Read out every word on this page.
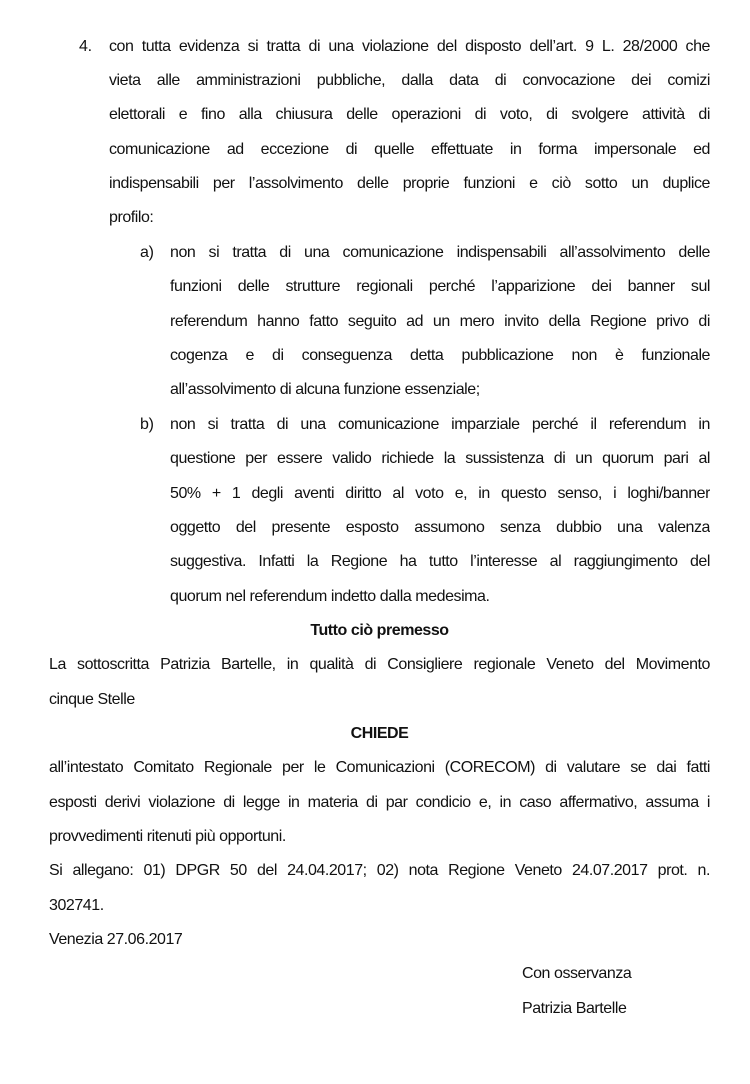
4. con tutta evidenza si tratta di una violazione del disposto dell’art. 9 L. 28/2000 che
vieta alle amministrazioni pubbliche, dalla data di convocazione dei comizi
elettorali e fino alla chiusura delle operazioni di voto, di svolgere attività di
comunicazione ad eccezione di quelle effettuate in forma impersonale ed
indispensabili per l’assolvimento delle proprie funzioni e ciò sotto un duplice
profilo:
a) non si tratta di una comunicazione indispensabili all’assolvimento delle
funzioni delle strutture regionali perché l’apparizione dei banner sul
referendum hanno fatto seguito ad un mero invito della Regione privo di
cogenza e di conseguenza detta pubblicazione non è funzionale
all’assolvimento di alcuna funzione essenziale;
b) non si tratta di una comunicazione imparziale perché il referendum in
questione per essere valido richiede la sussistenza di un quorum pari al
50% + 1 degli aventi diritto al voto e, in questo senso, i loghi/banner
oggetto del presente esposto assumono senza dubbio una valenza
suggestiva. Infatti la Regione ha tutto l’interesse al raggiungimento del
quorum nel referendum indetto dalla medesima.
Tutto ciò premesso
La sottoscritta Patrizia Bartelle, in qualità di Consigliere regionale Veneto del Movimento
cinque Stelle
CHIEDE
all’intestato Comitato Regionale per le Comunicazioni (CORECOM) di valutare se dai fatti
esposti derivi violazione di legge in materia di par condicio e, in caso affermativo, assuma i
provvedimenti ritenuti più opportuni.
Si allegano: 01) DPGR 50 del 24.04.2017; 02) nota Regione Veneto 24.07.2017 prot. n.
302741.
Venezia 27.06.2017
Con osservanza
Patrizia Bartelle
